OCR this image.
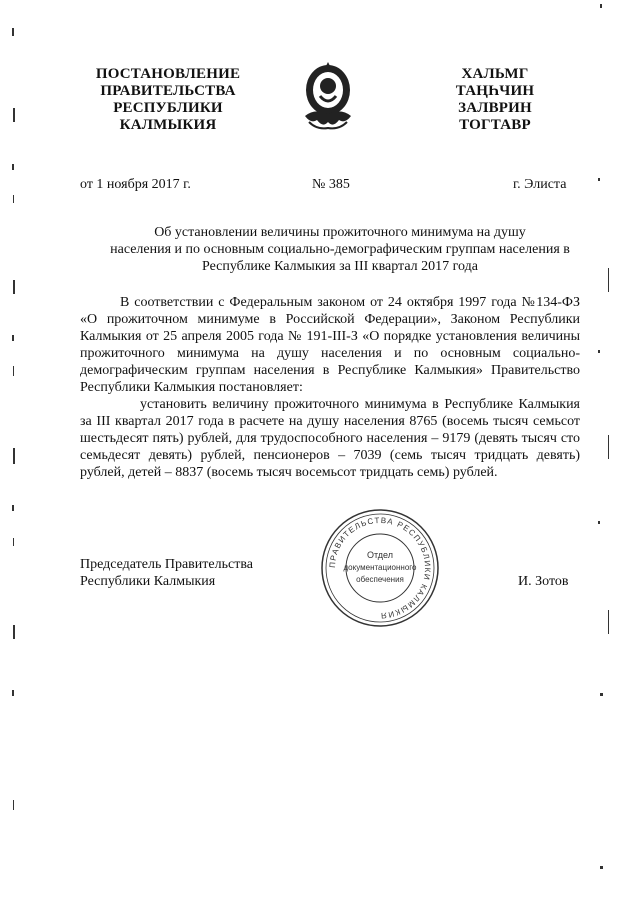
ПОСТАНОВЛЕНИЕ
ПРАВИТЕЛЬСТВА
РЕСПУБЛИКИ
КАЛМЫКИЯ
ХАЛЬМГ
ТАҢҺЧИН
ЗАЛВРИН
ТОГТАВР
от 1 ноября 2017 г.	№ 385	г. Элиста
Об установлении величины прожиточного минимума на душу
населения и по основным социально-демографическим группам населения в
Республике Калмыкия за III квартал 2017 года

В соответствии с Федеральным законом от 24 октября 1997 года №134-ФЗ «О прожиточном минимуме в Российской Федерации», Законом Республики Калмыкия от 25 апреля 2005 года № 191-III-З «О порядке установления величины прожиточного минимума на душу населения и по основным социально-демографическим группам населения в Республике Калмыкия» Правительство Республики Калмыкия постановляет:

установить величину прожиточного минимума в Республике Калмыкия за III квартал 2017 года в расчете на душу населения 8765 (восемь тысяч семьсот шестьдесят пять) рублей, для трудоспособного населения – 9179 (девять тысяч сто семьдесят девять) рублей, пенсионеров – 7039 (семь тысяч тридцать девять) рублей, детей – 8837 (восемь тысяч восемьсот тридцать семь) рублей.

Председатель Правительства
Республики Калмыкия	И. Зотов
ПРАВИТЕЛЬСТВА РЕСПУБЛИКИ КАЛМЫКИЯ
Отдел
документационного
обеспечения
